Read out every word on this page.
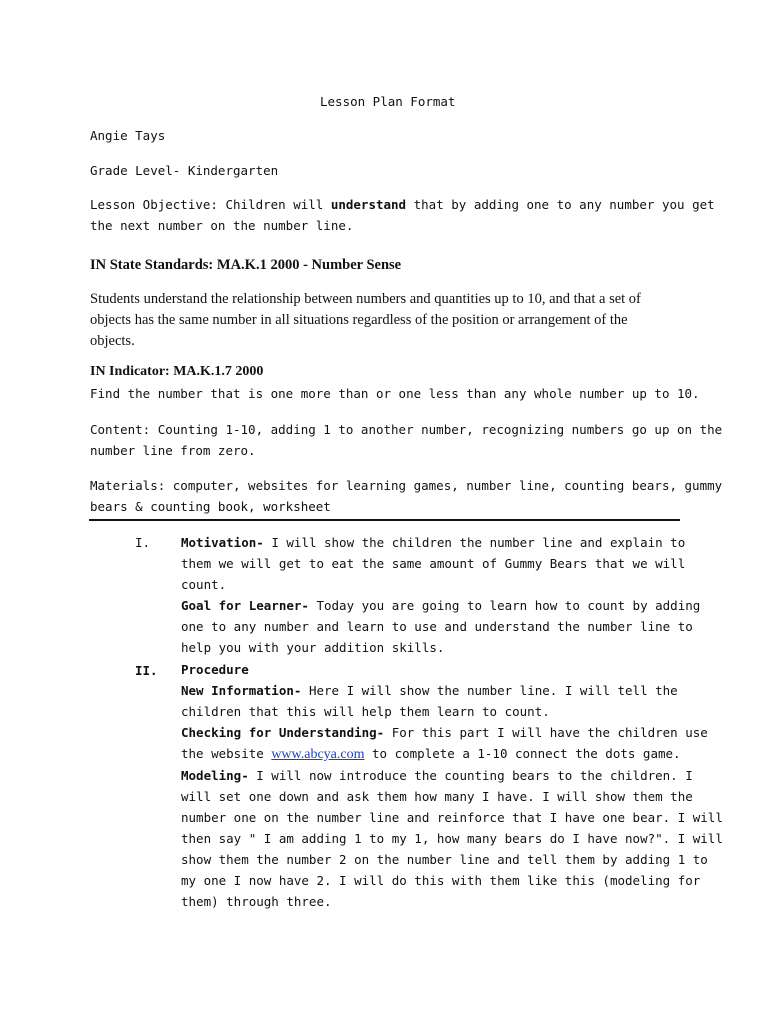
Lesson Plan Format

Angie Tays

Grade Level- Kindergarten

Lesson Objective: Children will understand that by adding one to any number you get
the next number on the number line.

IN State Standards: MA.K.1 2000 - Number Sense

Students understand the relationship between numbers and quantities up to 10, and that a set of
objects has the same number in all situations regardless of the position or arrangement of the
objects.

IN Indicator: MA.K.1.7 2000

Find the number that is one more than or one less than any whole number up to 10.

Content: Counting 1-10, adding 1 to another number, recognizing numbers go up on the
number line from zero.
Materials: computer, websites for learning games, number line, counting bears, gummy
bears & counting book, worksheet

I. Motivation- I will show the children the number line and explain to
them we will get to eat the same amount of Gummy Bears that we will
count.
Goal for Learner- Today you are going to learn how to count by adding
one to any number and learn to use and understand the number line to
help you with your addition skills.

II. Procedure
New Information- Here I will show the number line. I will tell the
children that this will help them learn to count.
Checking for Understanding- For this part I will have the children use
the website www.abcya.com to complete a 1-10 connect the dots game.
Modeling- I will now introduce the counting bears to the children. I
will set one down and ask them how many I have. I will show them the
number one on the number line and reinforce that I have one bear. I will
then say " I am adding 1 to my 1, how many bears do I have now?". I will
show them the number 2 on the number line and tell them by adding 1 to
my one I now have 2. I will do this with them like this (modeling for
them) through three.
